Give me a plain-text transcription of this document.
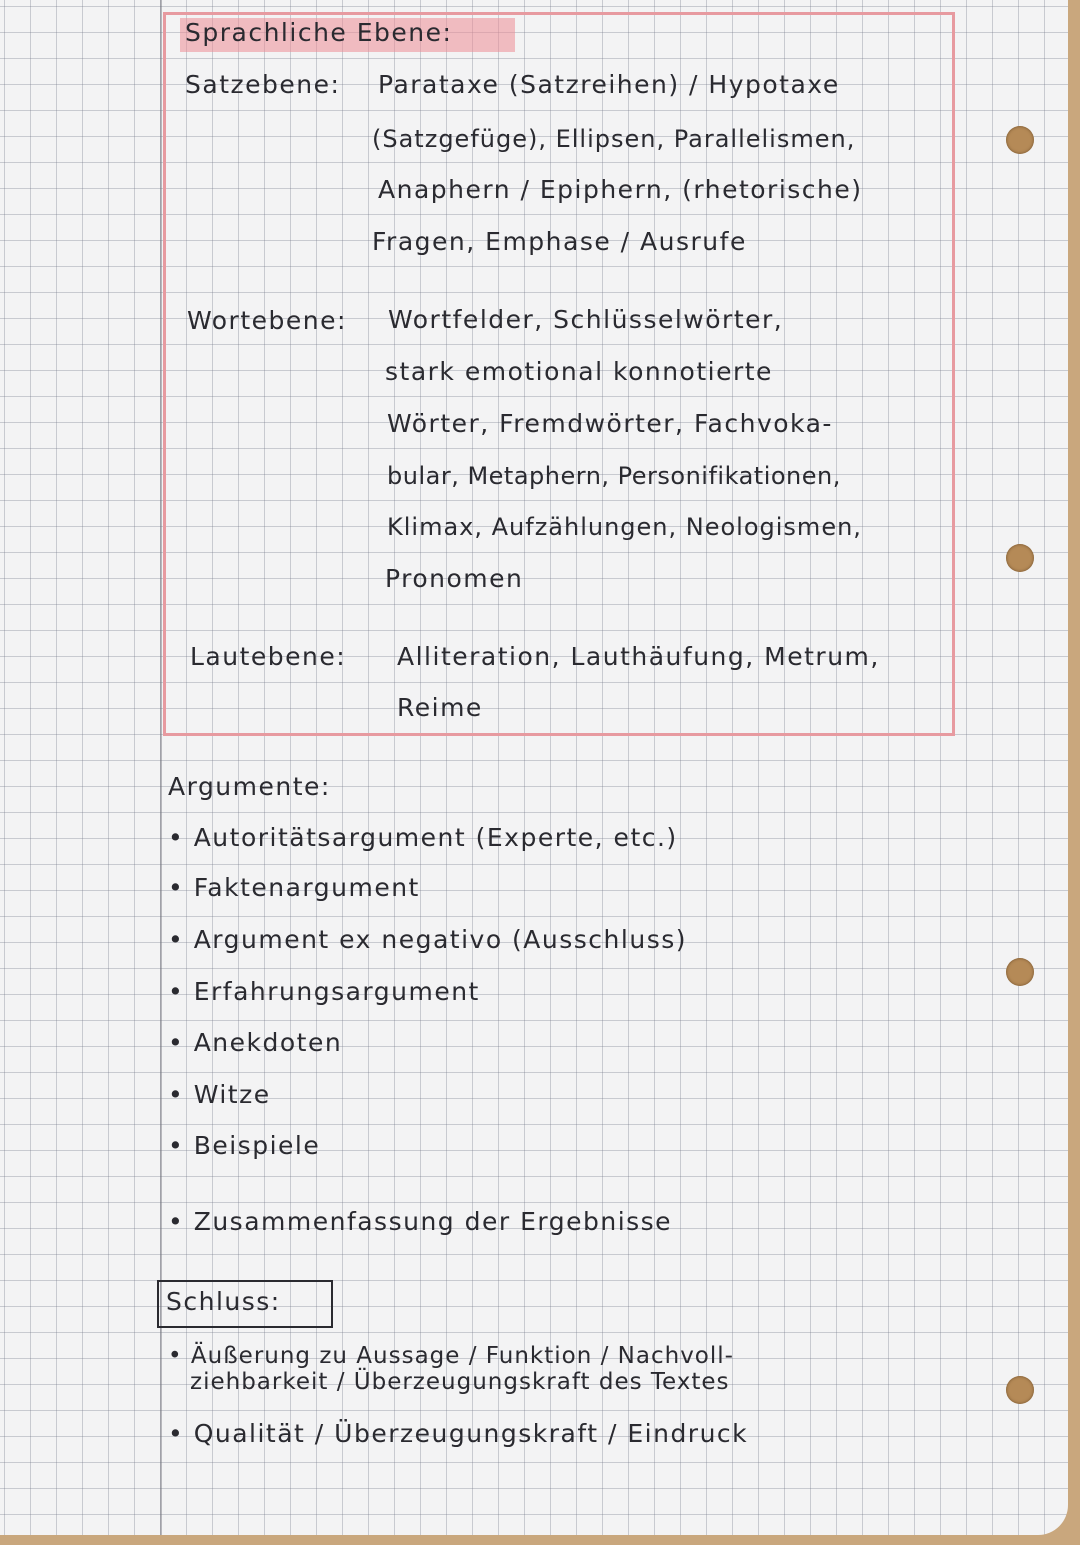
Sprachliche Ebene:
Satzebene: Parataxe (Satzreihen) / Hypotaxe
(Satzgefüge), Ellipsen, Parallelismen,
Anaphern / Epiphern, (rhetorische)
Fragen, Emphase / Ausrufe
Wortebene: Wortfelder, Schlüsselwörter,
stark emotional konnotierte
Wörter, Fremdwörter, Fachvoka-
bular, Metaphern, Personifikationen,
Klimax, Aufzählungen, Neologismen,
Pronomen
Lautebene: Alliteration, Lauthäufung, Metrum,
Reime
Argumente:
• Autoritätsargument (Experte, etc.)
• Faktenargument
• Argument ex negativo (Ausschluss)
• Erfahrungsargument
• Anekdoten
• Witze
• Beispiele
• Zusammenfassung der Ergebnisse
Schluss:
• Äußerung zu Aussage / Funktion / Nachvoll-
ziehbarkeit / Überzeugungskraft des Textes
• Qualität / Überzeugungskraft / Eindruck
